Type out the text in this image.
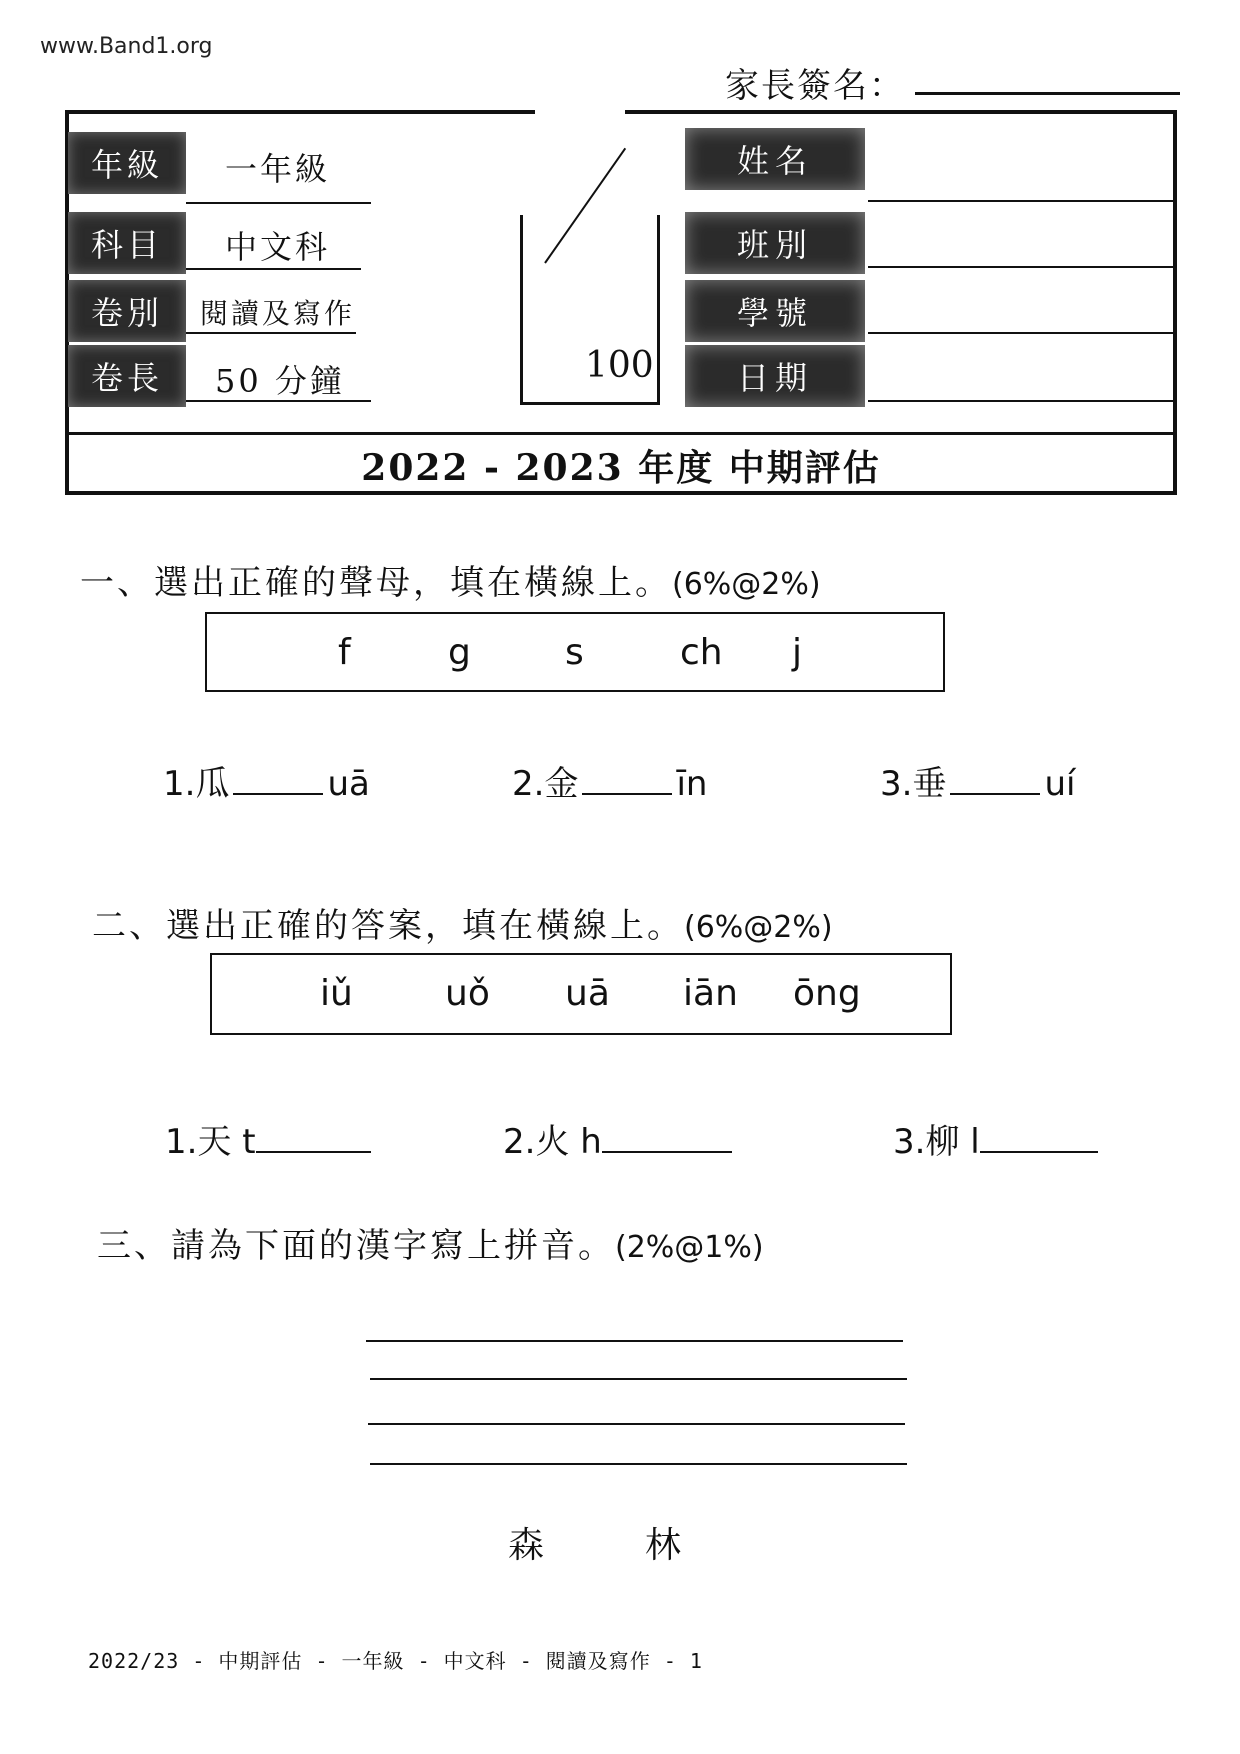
www.Band1.org
家長簽名：
年級	一年級
科目	中文科
卷別	閱讀及寫作
卷長	50 分鐘	100
姓名
班別
學號
日期
2022 - 2023 年度 中期評估
一、選出正確的聲母，填在橫線上。(6%@2%)
f	g	s	ch j
1.瓜	uā	2.金	īn	3.垂	uí
二、選出正確的答案，填在橫線上。(6%@2%)
iǔ	uǒ uā iān ōng
1.天 t	2.火 h	3.柳 l
三、請為下面的漢字寫上拼音。(2%@1%)
森	林
2022/23 - 中期評估 - 一年級 - 中文科 - 閱讀及寫作 - 1
